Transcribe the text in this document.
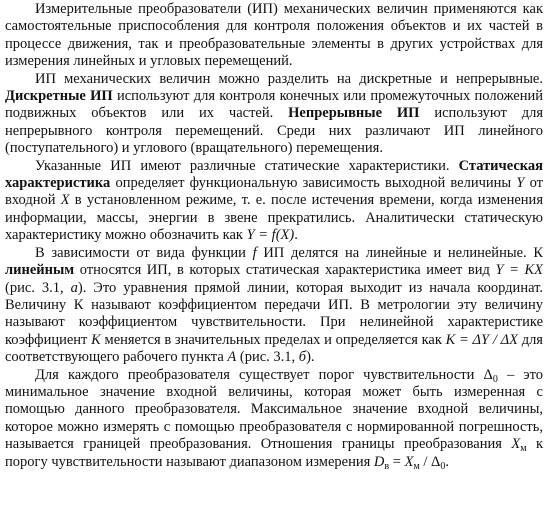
Измерительные преобразователи (ИП) механических величин применяются как самостоятельные приспособления для контроля положения объектов и их частей в процессе движения, так и преобразовательные элементы в других устройствах для измерения линейных и угловых перемещений.

ИП механических величин можно разделить на дискретные и непрерывные. Дискретные ИП используют для контроля конечных или промежуточных положений подвижных объектов или их частей. Непрерывные ИП используют для непрерывного контроля перемещений. Среди них различают ИП линейного (поступательного) и углового (вращательного) перемещения.

Указанные ИП имеют различные статические характеристики. Статическая характеристика определяет функциональную зависимость выходной величины Y от входной X в установленном режиме, т. е. после истечения времени, когда изменения информации, массы, энергии в звене прекратились. Аналитически статическую характеристику можно обозначить как Y = f(X).

В зависимости от вида функции f ИП делятся на линейные и нелинейные. К линейным относятся ИП, в которых статическая характеристика имеет вид Y = KX (рис. 3.1, а). Это уравнения прямой линии, которая выходит из начала координат. Величину К называют коэффициентом передачи ИП. В метрологии эту величину называют коэффициентом чувствительности. При нелинейной характеристике коэффициент K меняется в значительных пределах и определяется как K = ΔY / ΔX для соответствующего рабочего пункта А (рис. 3.1, б).

Для каждого преобразователя существует порог чувствительности $\Delta_0$ – это минимальное значение входной величины, которая может быть измеренная с помощью данного преобразователя. Максимальное значение входной величины, которое можно измерять с помощью преобразователя с нормированной погрешность, называется границей преобразования. Отношения границы преобразования $X_м$ к порогу чувствительности называют диапазоном измерения $D_в = X_м / \Delta_0$.
